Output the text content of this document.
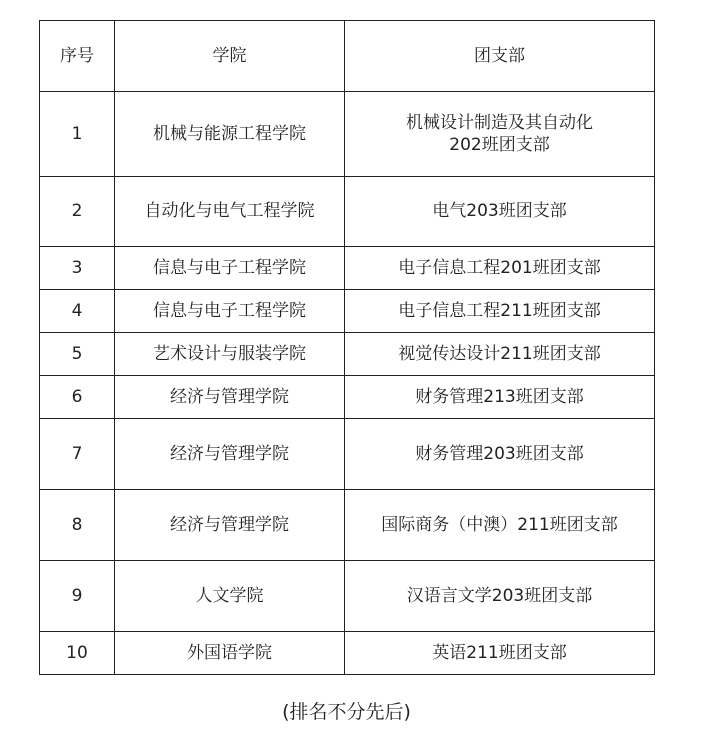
序号	学院	团支部
1	机械与能源工程学院	机械设计制造及其自动化
202班团支部

2	自动化与电气工程学院	电气203班团支部
3	信息与电子工程学院	电子信息工程201班团支部
4	信息与电子工程学院	电子信息工程211班团支部
5	艺术设计与服装学院	视觉传达设计211班团支部
6	经济与管理学院	财务管理213班团支部
7	经济与管理学院	财务管理203班团支部
8	经济与管理学院	国际商务（中澳）211班团支部
9	人文学院	汉语言文学203班团支部
10	外国语学院	英语211班团支部
(排名不分先后)
